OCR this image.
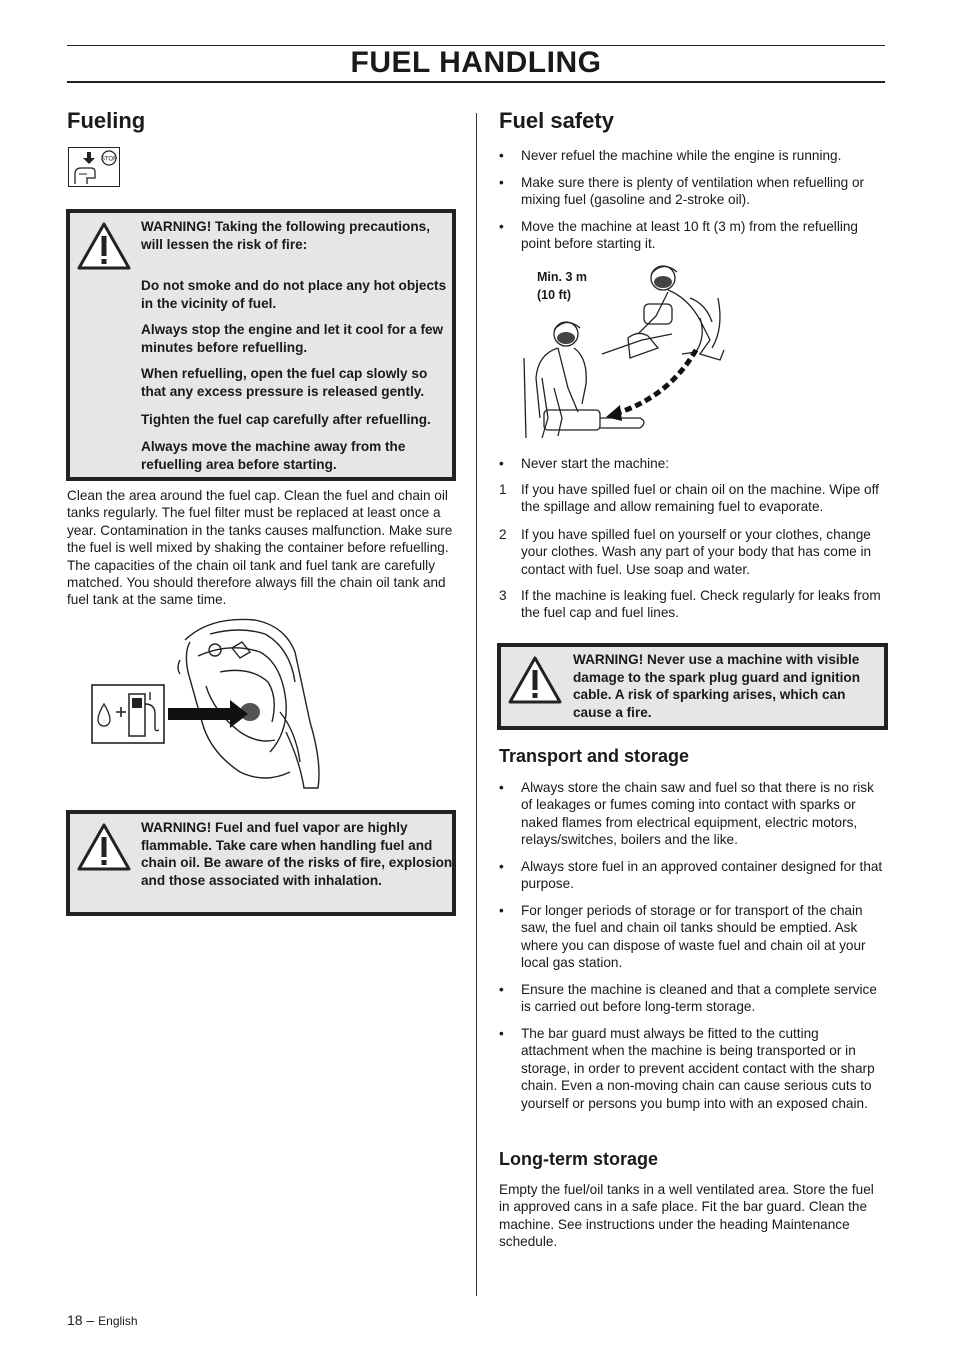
FUEL HANDLING
Fueling
STOP
WARNING! Taking the following precautions, will lessen the risk of fire:
Do not smoke and do not place any hot objects in the vicinity of fuel.
Always stop the engine and let it cool for a few minutes before refuelling.
When refuelling, open the fuel cap slowly so that any excess pressure is released gently.
Tighten the fuel cap carefully after refuelling.
Always move the machine away from the refuelling area before starting.
Clean the area around the fuel cap. Clean the fuel and chain oil tanks regularly. The fuel filter must be replaced at least once a year. Contamination in the tanks causes malfunction. Make sure the fuel is well mixed by shaking the container before refuelling. The capacities of the chain oil tank and fuel tank are carefully matched. You should therefore always fill the chain oil tank and fuel tank at the same time.
WARNING! Fuel and fuel vapor are highly flammable. Take care when handling fuel and chain oil. Be aware of the risks of fire, explosion and those associated with inhalation.
Fuel safety
• Never refuel the machine while the engine is running.
• Make sure there is plenty of ventilation when refuelling or mixing fuel (gasoline and 2-stroke oil).
• Move the machine at least 10 ft (3 m) from the refuelling point before starting it.
Min. 3 m
(10 ft)
• Never start the machine:
1 If you have spilled fuel or chain oil on the machine. Wipe off the spillage and allow remaining fuel to evaporate.
2 If you have spilled fuel on yourself or your clothes, change your clothes. Wash any part of your body that has come in contact with fuel. Use soap and water.
3 If the machine is leaking fuel. Check regularly for leaks from the fuel cap and fuel lines.
WARNING! Never use a machine with visible damage to the spark plug guard and ignition cable. A risk of sparking arises, which can cause a fire.
Transport and storage
• Always store the chain saw and fuel so that there is no risk of leakages or fumes coming into contact with sparks or naked flames from electrical equipment, electric motors, relays/switches, boilers and the like.
• Always store fuel in an approved container designed for that purpose.
• For longer periods of storage or for transport of the chain saw, the fuel and chain oil tanks should be emptied. Ask where you can dispose of waste fuel and chain oil at your local gas station.
• Ensure the machine is cleaned and that a complete service is carried out before long-term storage.
• The bar guard must always be fitted to the cutting attachment when the machine is being transported or in storage, in order to prevent accident contact with the sharp chain. Even a non-moving chain can cause serious cuts to yourself or persons you bump into with an exposed chain.
Long-term storage
Empty the fuel/oil tanks in a well ventilated area. Store the fuel in approved cans in a safe place. Fit the bar guard. Clean the machine. See instructions under the heading Maintenance schedule.
18 – English
